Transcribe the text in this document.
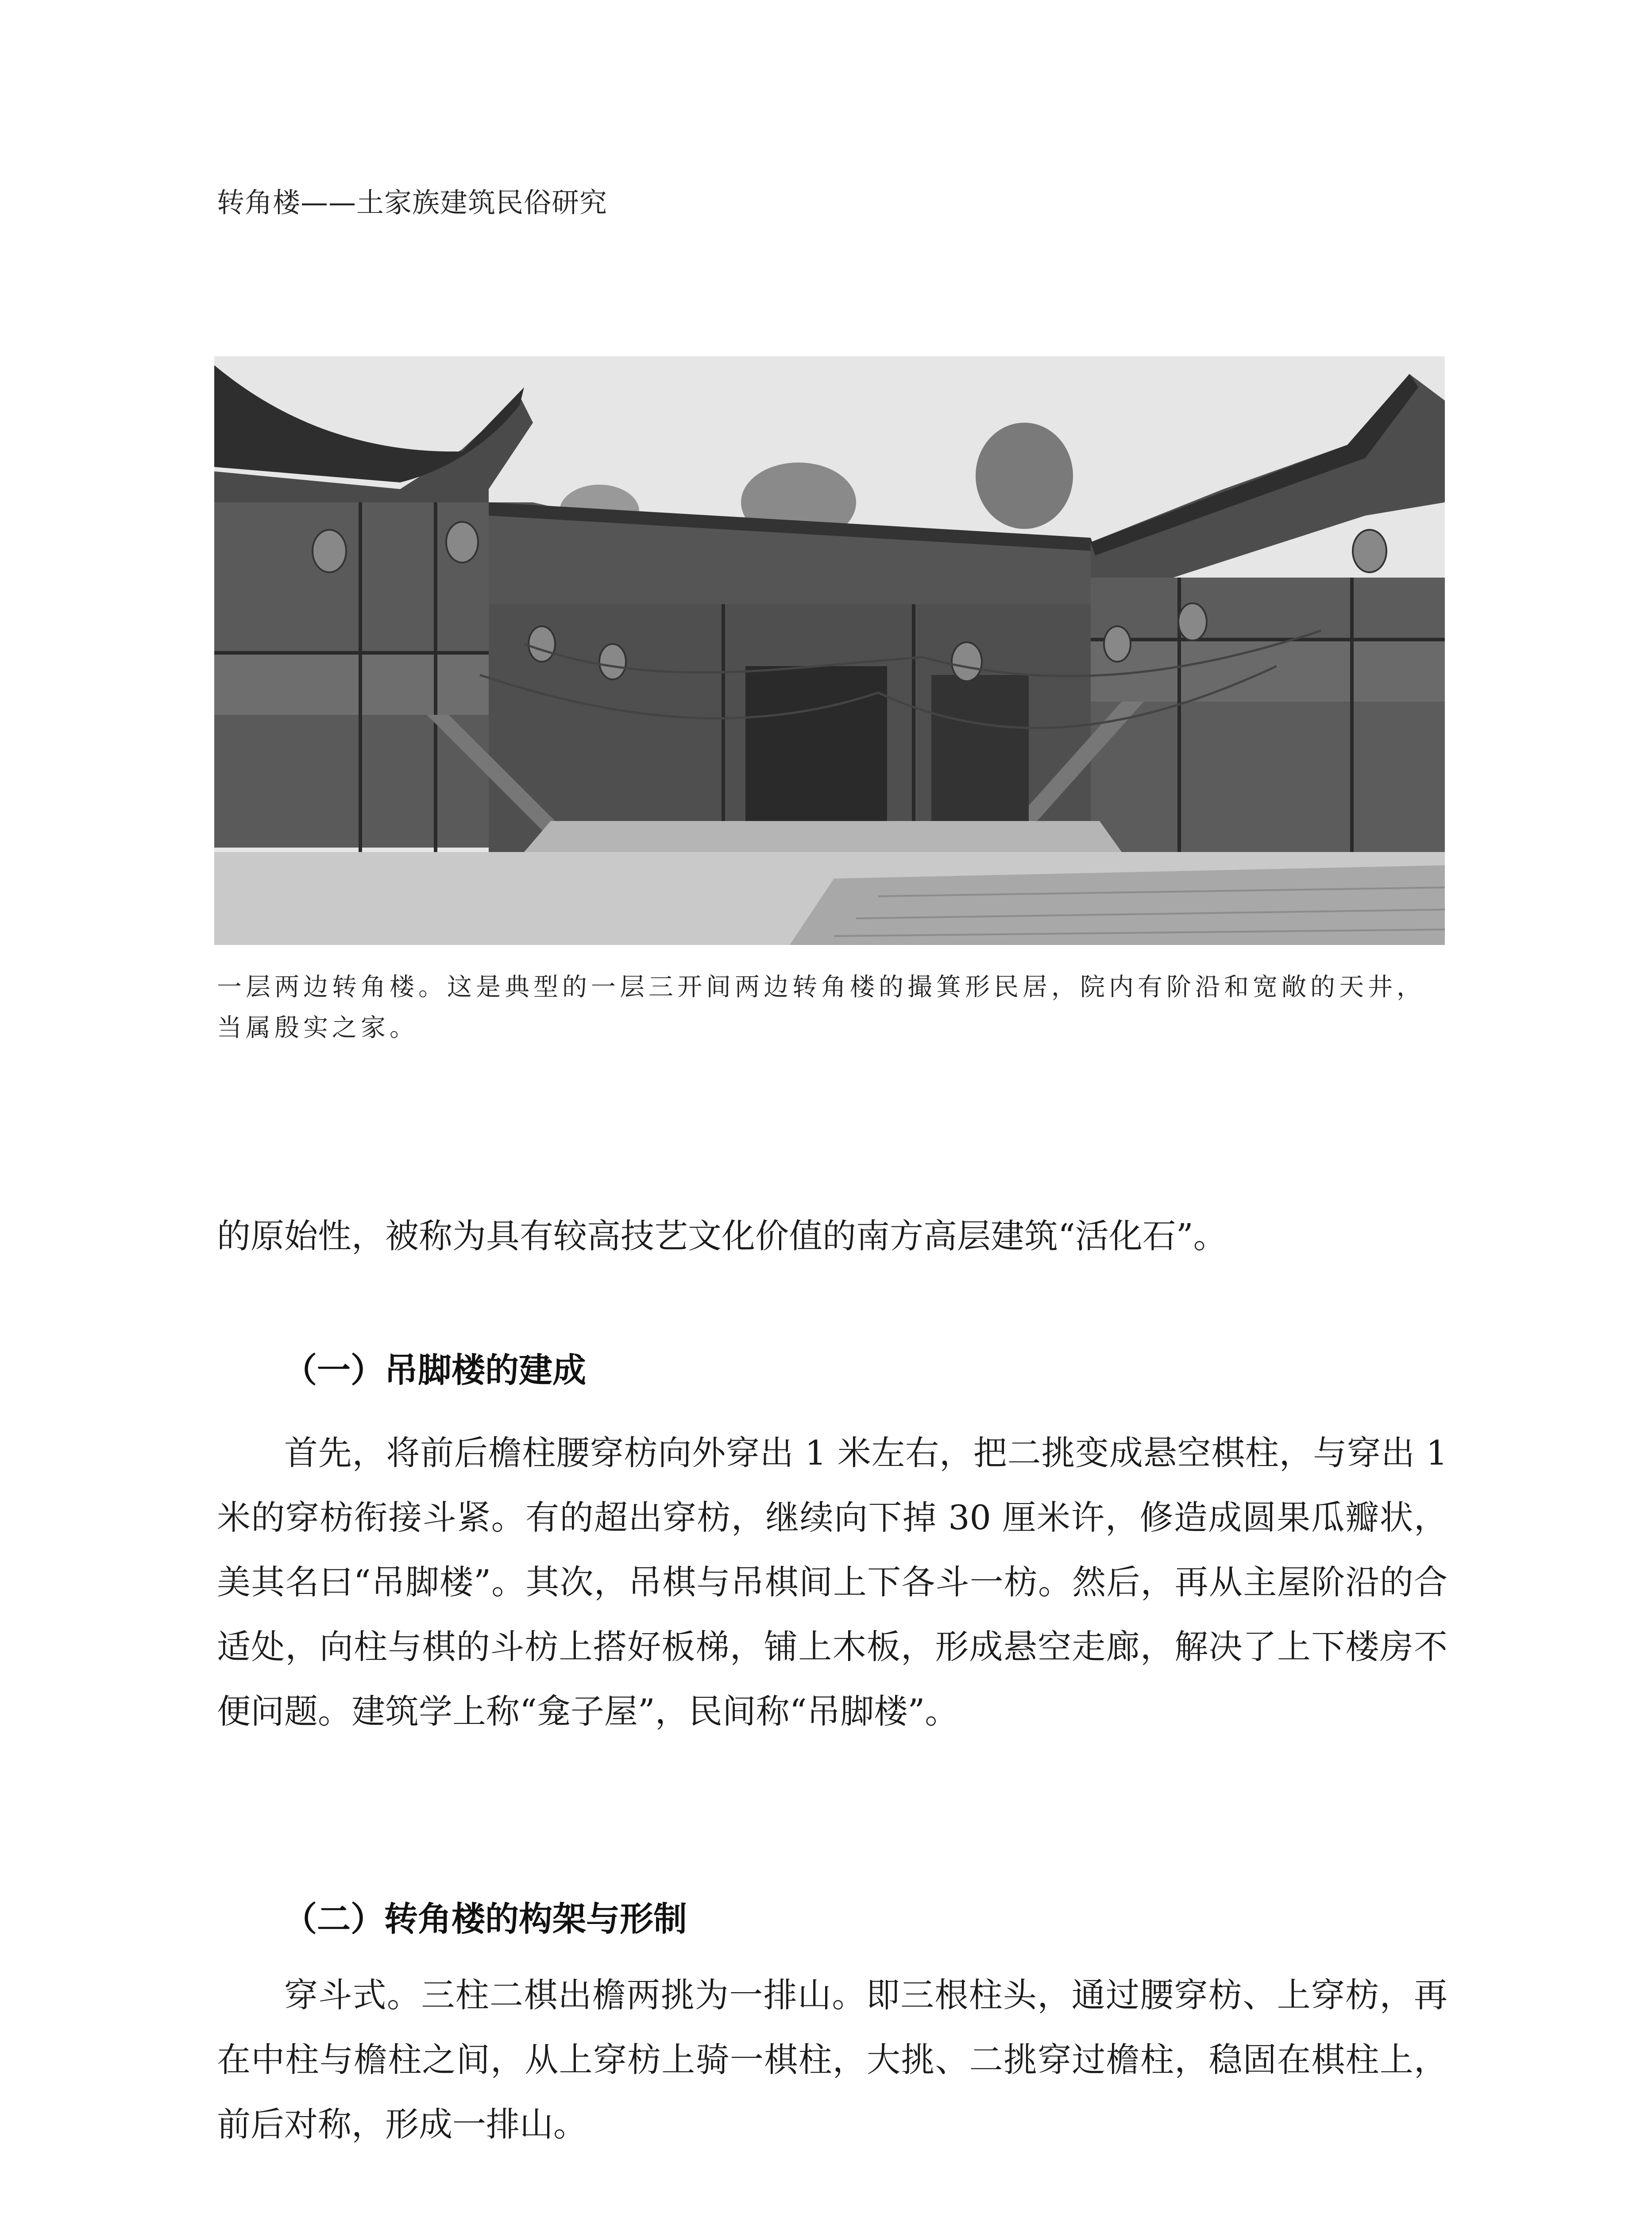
转角楼——土家族建筑民俗研究
一层两边转角楼。这是典型的一层三开间两边转角楼的撮箕形民居，院内有阶沿和宽敞的天井，当属殷实之家。
的原始性，被称为具有较高技艺文化价值的南方高层建筑“活化石”。
（一）吊脚楼的建成
首先，将前后檐柱腰穿枋向外穿出 1 米左右，把二挑变成悬空棋柱，与穿出 1 米的穿枋衔接斗紧。有的超出穿枋，继续向下掉 30 厘米许，修造成圆果瓜瓣状，美其名曰“吊脚楼”。其次，吊棋与吊棋间上下各斗一枋。然后，再从主屋阶沿的合适处，向柱与棋的斗枋上搭好板梯，铺上木板，形成悬空走廊，解决了上下楼房不便问题。建筑学上称“龛子屋”，民间称“吊脚楼”。
（二）转角楼的构架与形制
穿斗式。三柱二棋出檐两挑为一排山。即三根柱头，通过腰穿枋、上穿枋，再在中柱与檐柱之间，从上穿枋上骑一棋柱，大挑、二挑穿过檐柱，稳固在棋柱上，前后对称，形成一排山。
